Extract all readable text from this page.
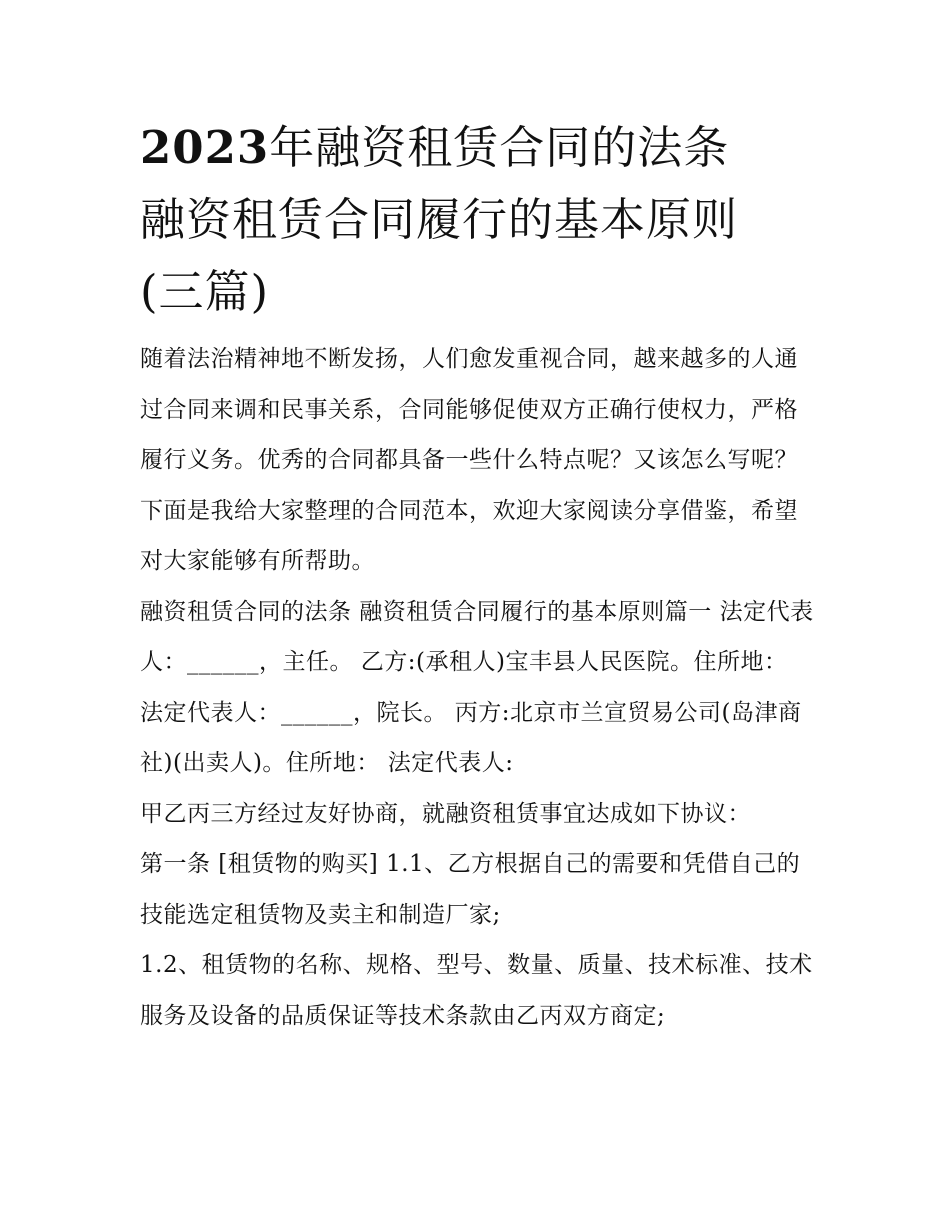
2023年融资租赁合同的法条
融资租赁合同履行的基本原则
(三篇)

随着法治精神地不断发扬，人们愈发重视合同，越来越多的人通过合同来调和民事关系，合同能够促使双方正确行使权力，严格履行义务。优秀的合同都具备一些什么特点呢？又该怎么写呢？下面是我给大家整理的合同范本，欢迎大家阅读分享借鉴，希望对大家能够有所帮助。

融资租赁合同的法条 融资租赁合同履行的基本原则篇一 法定代表人：______，主任。 乙方:(承租人)宝丰县人民医院。住所地：

法定代表人：______，院长。 丙方:北京市兰宣贸易公司(岛津商社)(出卖人)。住所地： 法定代表人:

甲乙丙三方经过友好协商，就融资租赁事宜达成如下协议：

第一条 [租赁物的购买] 1.1、乙方根据自己的需要和凭借自己的技能选定租赁物及卖主和制造厂家;

1.2、租赁物的名称、规格、型号、数量、质量、技术标准、技术服务及设备的品质保证等技术条款由乙丙双方商定;
